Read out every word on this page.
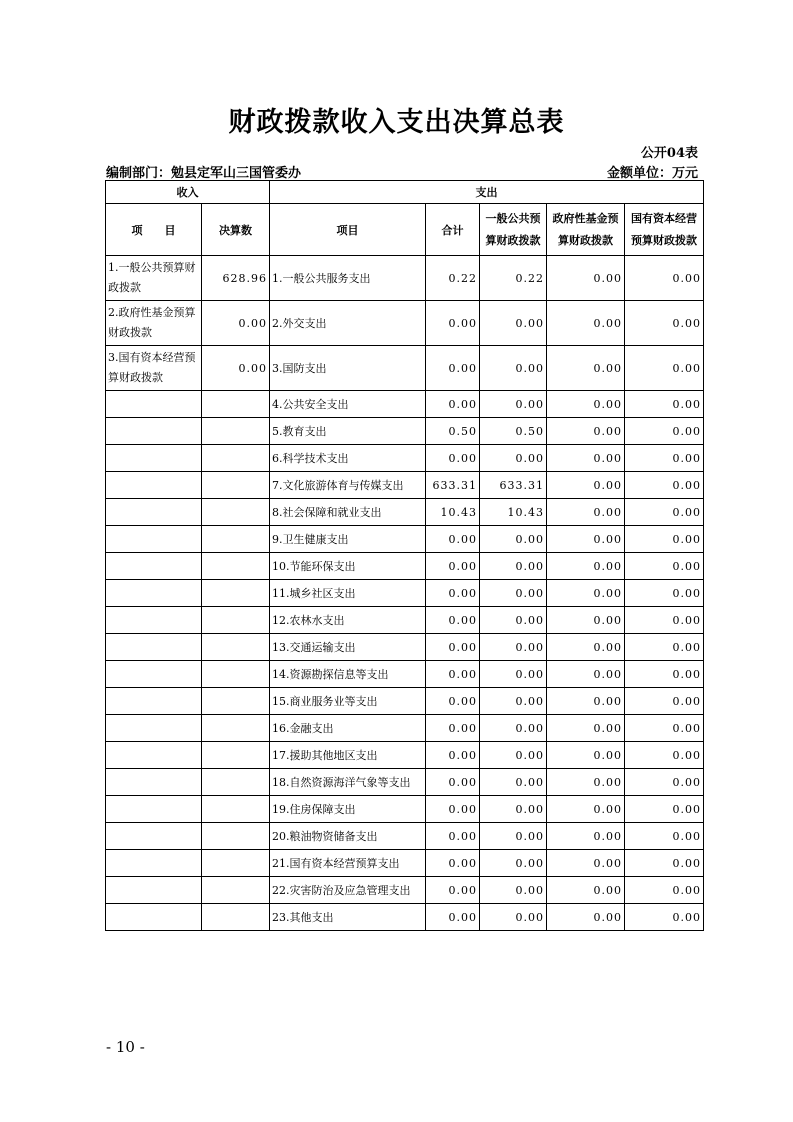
财政拨款收入支出决算总表
公开04表
编制部门：勉县定军山三国管委办	金额单位：万元
收入		支出				
项　　目	决算数	项目	合计	一般公共预算财政拨款	政府性基金预算财政拨款	国有资本经营预算财政拨款
1.一般公共预算财政拨款	628.96	1.一般公共服务支出	0.22	0.22	0.00	0.00
2.政府性基金预算财政拨款	0.00	2.外交支出	0.00	0.00	0.00	0.00
3.国有资本经营预算财政拨款	0.00	3.国防支出	0.00	0.00	0.00	0.00
		4.公共安全支出	0.00	0.00	0.00	0.00
		5.教育支出	0.50	0.50	0.00	0.00
		6.科学技术支出	0.00	0.00	0.00	0.00
		7.文化旅游体育与传媒支出	633.31	633.31	0.00	0.00
		8.社会保障和就业支出	10.43	10.43	0.00	0.00
		9.卫生健康支出	0.00	0.00	0.00	0.00
		10.节能环保支出	0.00	0.00	0.00	0.00
		11.城乡社区支出	0.00	0.00	0.00	0.00
		12.农林水支出	0.00	0.00	0.00	0.00
		13.交通运输支出	0.00	0.00	0.00	0.00
		14.资源勘探信息等支出	0.00	0.00	0.00	0.00
		15.商业服务业等支出	0.00	0.00	0.00	0.00
		16.金融支出	0.00	0.00	0.00	0.00
		17.援助其他地区支出	0.00	0.00	0.00	0.00
		18.自然资源海洋气象等支出	0.00	0.00	0.00	0.00
		19.住房保障支出	0.00	0.00	0.00	0.00
		20.粮油物资储备支出	0.00	0.00	0.00	0.00
		21.国有资本经营预算支出	0.00	0.00	0.00	0.00
		22.灾害防治及应急管理支出	0.00	0.00	0.00	0.00
		23.其他支出	0.00	0.00	0.00	0.00
- 10 -
